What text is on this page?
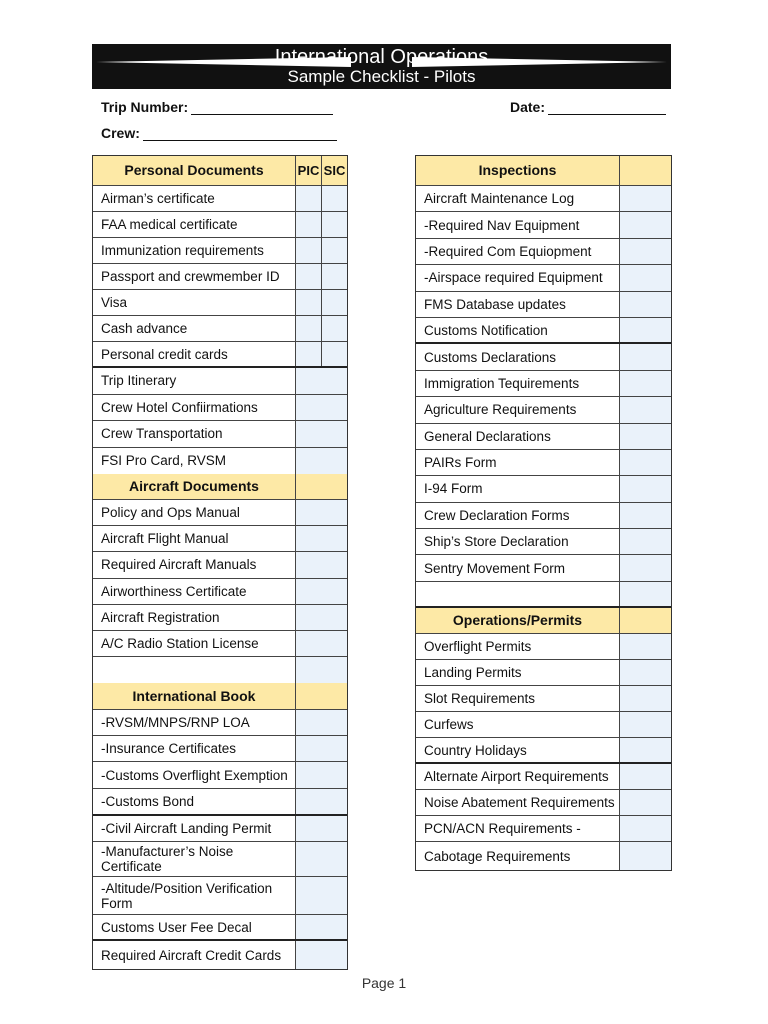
International Operations
Sample Checklist - Pilots
Trip Number:	Date:
Crew:
Personal Documents	PIC SIC
Airman’s certificate
FAA medical certificate
Immunization requirements
Passport and crewmember ID
Visa
Cash advance
Personal credit cards
Trip Itinerary
Crew Hotel Confiirmations
Crew Transportation
FSI Pro Card, RVSM
Aircraft Documents
Policy and Ops Manual
Aircraft Flight Manual
Required Aircraft Manuals
Airworthiness Certificate
Aircraft Registration
A/C Radio Station License
International Book
-RVSM/MNPS/RNP LOA
-Insurance Certificates
-Customs Overflight Exemption
-Customs Bond
-Civil Aircraft Landing Permit
-Manufacturer’s Noise
Certificate
-Altitude/Position Verification
Form
Customs User Fee Decal
Required Aircraft Credit Cards
Inspections
Aircraft Maintenance Log
-Required Nav Equipment
-Required Com Equiopment
-Airspace required Equipment
FMS Database updates
Customs Notification
Customs Declarations
Immigration Tequirements
Agriculture Requirements
General Declarations
PAIRs Form
I-94 Form
Crew Declaration Forms
Ship’s Store Declaration
Sentry Movement Form
Operations/Permits
Overflight Permits
Landing Permits
Slot Requirements
Curfews
Country Holidays
Alternate Airport Requirements
Noise Abatement Requirements
PCN/ACN Requirements -
Cabotage Requirements
Page 1
